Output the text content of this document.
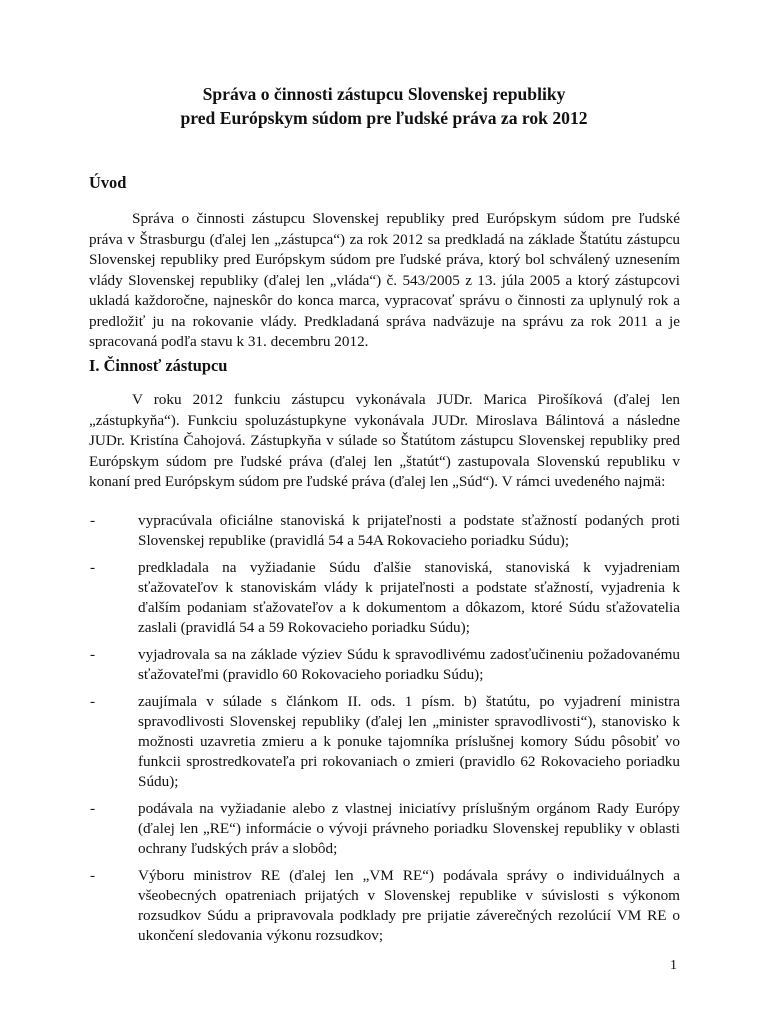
Správa o činnosti zástupcu Slovenskej republiky
pred Európskym súdom pre ľudské práva za rok 2012
Úvod
Správa o činnosti zástupcu Slovenskej republiky pred Európskym súdom pre ľudské práva v Štrasburgu (ďalej len „zástupca“) za rok 2012 sa predkladá na základe Štatútu zástupcu Slovenskej republiky pred Európskym súdom pre ľudské práva, ktorý bol schválený uznesením vlády Slovenskej republiky (ďalej len „vláda“) č. 543/2005 z 13. júla 2005 a ktorý zástupcovi ukladá každoročne, najneskôr do konca marca, vypracovať správu o činnosti za uplynulý rok a predložiť ju na rokovanie vlády. Predkladaná správa nadväzuje na správu za rok 2011 a je spracovaná podľa stavu k 31. decembru 2012.
I. Činnosť zástupcu
V roku 2012 funkciu zástupcu vykonávala JUDr. Marica Pirošíková (ďalej len „zástupkyňa“). Funkciu spoluzástupkyne vykonávala JUDr. Miroslava Bálintová a následne JUDr. Kristína Čahojová. Zástupkyňa v súlade so Štatútom zástupcu Slovenskej republiky pred Európskym súdom pre ľudské práva (ďalej len „štatút“) zastupovala Slovenskú republiku v konaní pred Európskym súdom pre ľudské práva (ďalej len „Súd“). V rámci uvedeného najmä:
-	vypracúvala oficiálne stanoviská k prijateľnosti a podstate sťažností podaných proti Slovenskej republike (pravidlá 54 a 54A Rokovacieho poriadku Súdu);
-	predkladala na vyžiadanie Súdu ďalšie stanoviská, stanoviská k vyjadreniam sťažovateľov k stanoviskám vlády k prijateľnosti a podstate sťažností, vyjadrenia k ďalším podaniam sťažovateľov a k dokumentom a dôkazom, ktoré Súdu sťažovatelia zaslali (pravidlá 54 a 59 Rokovacieho poriadku Súdu);
-	vyjadrovala sa na základe výziev Súdu k spravodlivému zadosťučineniu požadovanému sťažovateľmi (pravidlo 60 Rokovacieho poriadku Súdu);
-	zaujímala v súlade s článkom II. ods. 1 písm. b) štatútu, po vyjadrení ministra spravodlivosti Slovenskej republiky (ďalej len „minister spravodlivosti“), stanovisko k možnosti uzavretia zmieru a k ponuke tajomníka príslušnej komory Súdu pôsobiť vo funkcii sprostredkovateľa pri rokovaniach o zmieri (pravidlo 62 Rokovacieho poriadku Súdu);
-	podávala na vyžiadanie alebo z vlastnej iniciatívy príslušným orgánom Rady Európy (ďalej len „RE“) informácie o vývoji právneho poriadku Slovenskej republiky v oblasti ochrany ľudských práv a slobôd;
-	Výboru ministrov RE (ďalej len „VM RE“) podávala správy o individuálnych a všeobecných opatreniach prijatých v Slovenskej republike v súvislosti s výkonom rozsudkov Súdu a pripravovala podklady pre prijatie záverečných rezolúcií VM RE o ukončení sledovania výkonu rozsudkov;
1
